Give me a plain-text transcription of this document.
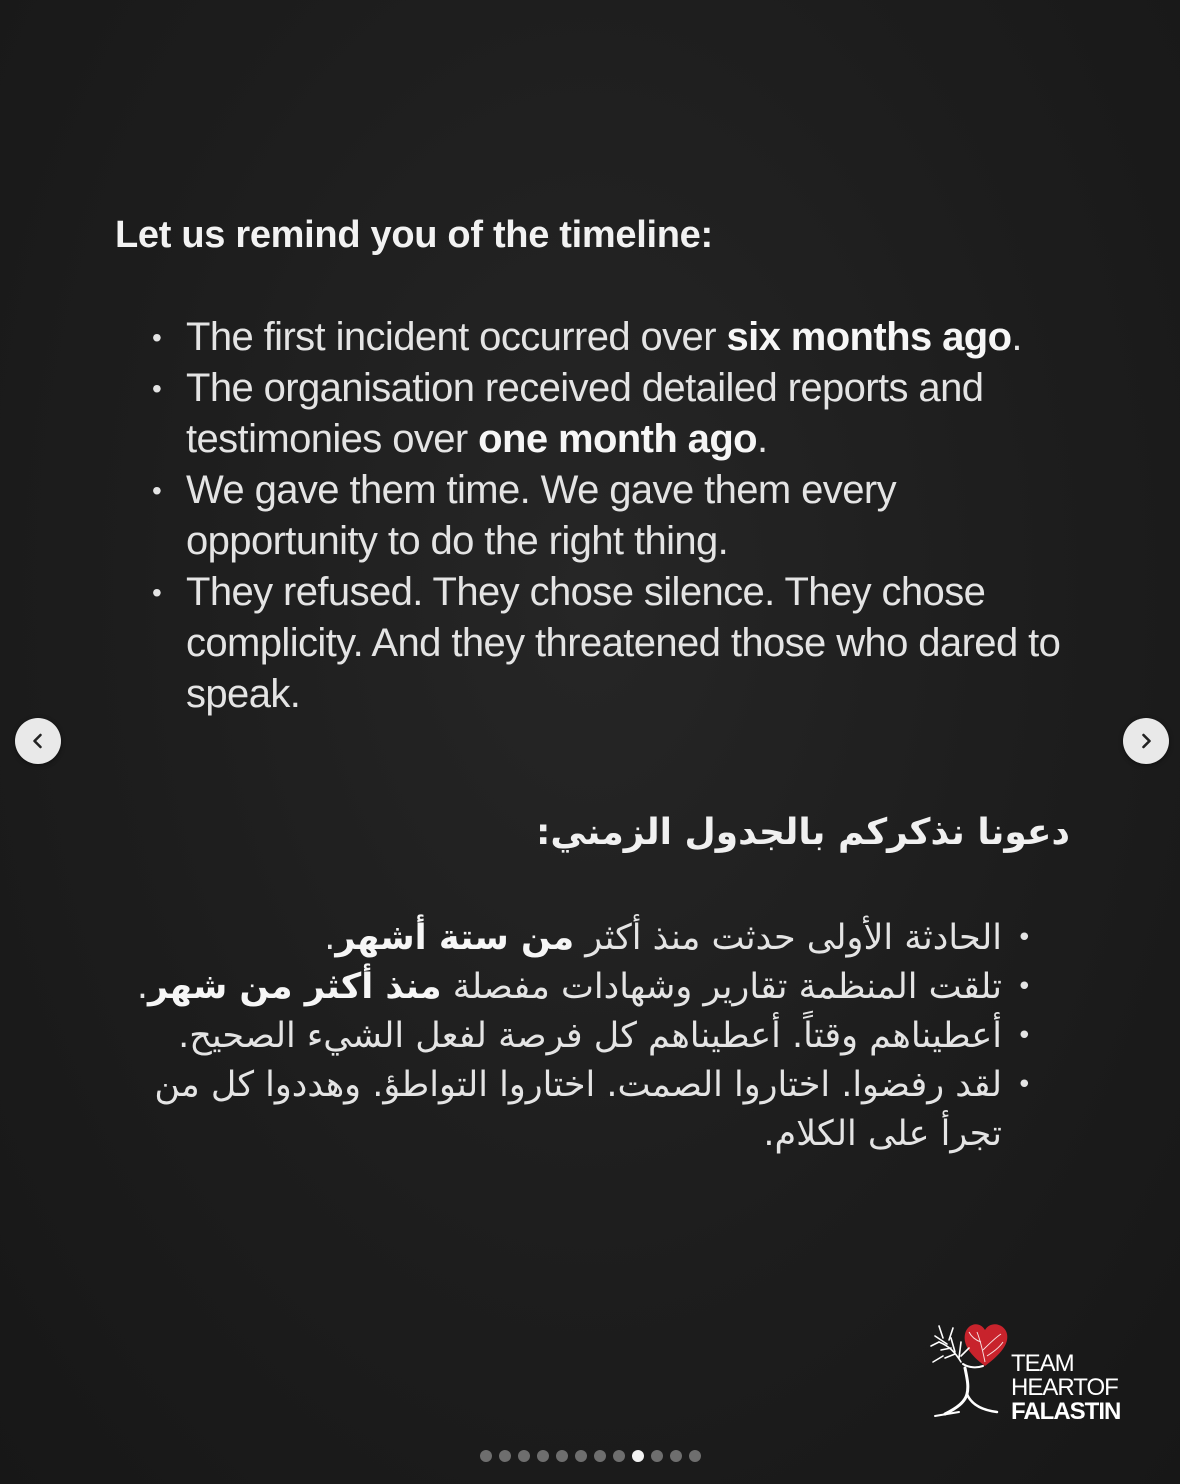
Let us remind you of the timeline:
• The first incident occurred over six months ago.
• The organisation received detailed reports and testimonies over one month ago.
• We gave them time. We gave them every opportunity to do the right thing.
• They refused. They chose silence. They chose complicity. And they threatened those who dared to speak.
دعونا نذكركم بالجدول الزمني:
• الحادثة الأولى حدثت منذ أكثر من ستة أشهر.
• تلقت المنظمة تقارير وشهادات مفصلة منذ أكثر من شهر.
• أعطيناهم وقتاً. أعطيناهم كل فرصة لفعل الشيء الصحيح.
• لقد رفضوا. اختاروا الصمت. اختاروا التواطؤ. وهددوا كل من تجرأ على الكلام.
TEAM
HEARTOF
FALASTIN
